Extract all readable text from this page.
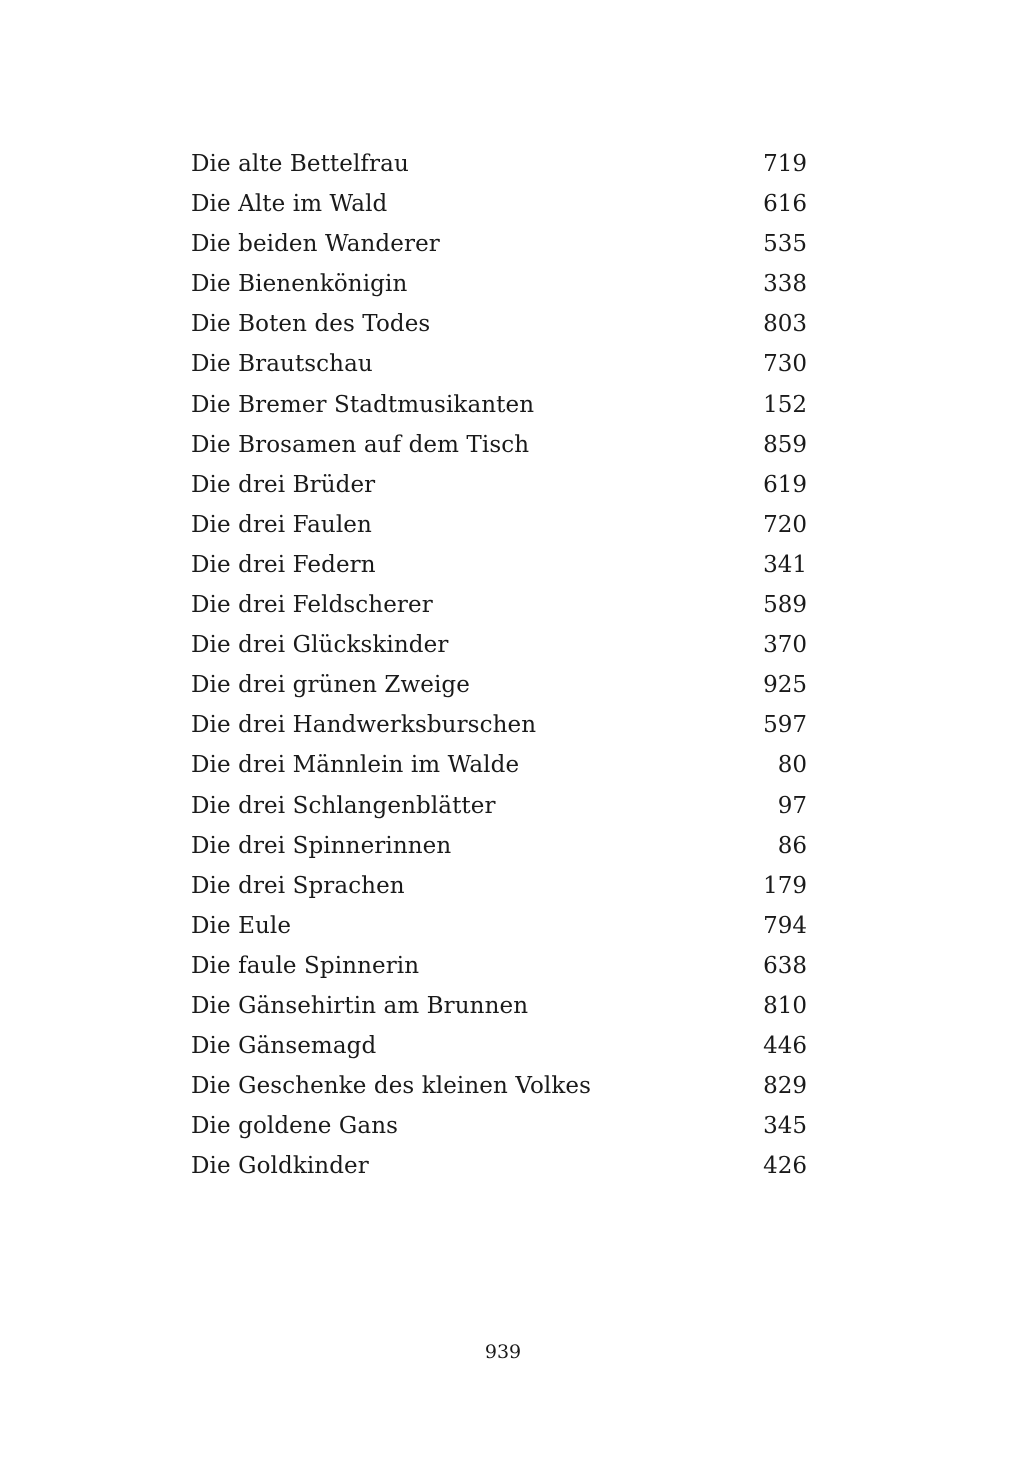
Die alte Bettelfrau	719
Die Alte im Wald	616
Die beiden Wanderer	535
Die Bienenkönigin	338
Die Boten des Todes	803
Die Brautschau	730
Die Bremer Stadtmusikanten	152
Die Brosamen auf dem Tisch	859
Die drei Brüder	619
Die drei Faulen	720
Die drei Federn	341
Die drei Feldscherer	589
Die drei Glückskinder	370
Die drei grünen Zweige	925
Die drei Handwerksburschen	597
Die drei Männlein im Walde	80
Die drei Schlangenblätter	97
Die drei Spinnerinnen	86
Die drei Sprachen	179
Die Eule	794
Die faule Spinnerin	638
Die Gänsehirtin am Brunnen	810
Die Gänsemagd	446
Die Geschenke des kleinen Volkes	829
Die goldene Gans	345
Die Goldkinder	426
939
